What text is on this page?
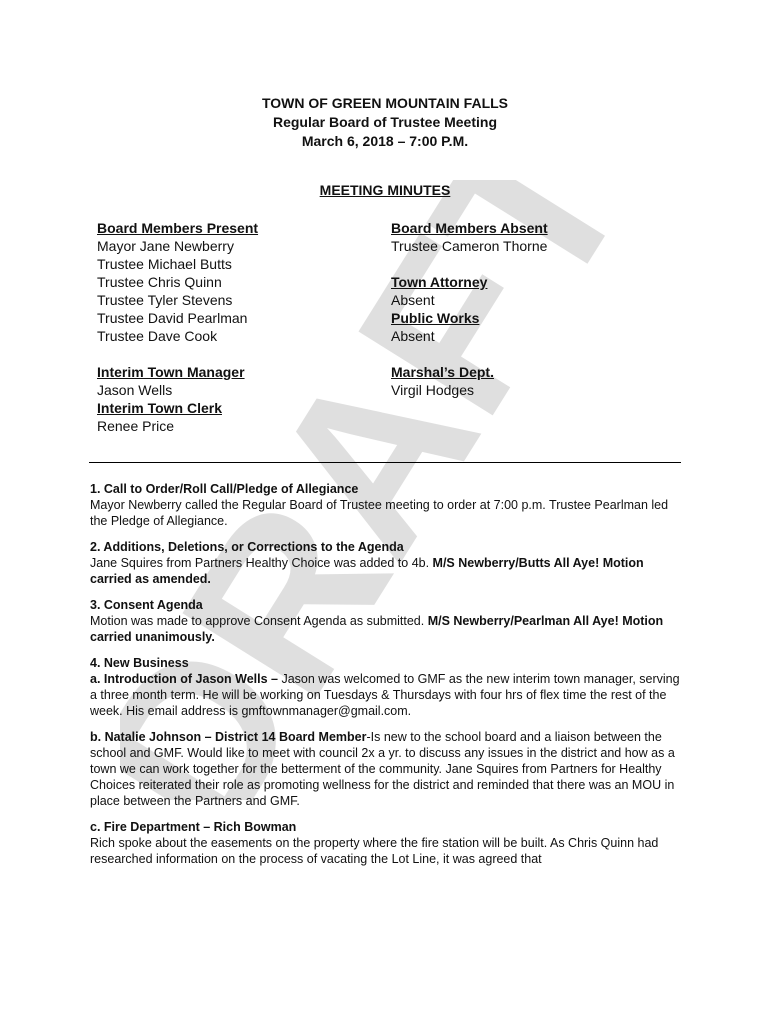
DRAFT
TOWN OF GREEN MOUNTAIN FALLS
Regular Board of Trustee Meeting
March 6, 2018 – 7:00 P.M.
MEETING MINUTES
Board Members Present
Mayor Jane Newberry
Trustee Michael Butts
Trustee Chris Quinn
Trustee Tyler Stevens
Trustee David Pearlman
Trustee Dave Cook
Interim Town Manager
Jason Wells
Interim Town Clerk
Renee Price
Board Members Absent
Trustee Cameron Thorne
Town Attorney
Absent
Public Works
Absent
Marshal’s Dept.
Virgil Hodges
1. Call to Order/Roll Call/Pledge of Allegiance
Mayor Newberry called the Regular Board of Trustee meeting to order at 7:00 p.m. Trustee Pearlman led the Pledge of Allegiance.
2. Additions, Deletions, or Corrections to the Agenda
Jane Squires from Partners Healthy Choice was added to 4b. M/S Newberry/Butts All Aye! Motion carried as amended.
3. Consent Agenda
Motion was made to approve Consent Agenda as submitted. M/S Newberry/Pearlman All Aye! Motion carried unanimously.
4. New Business
a. Introduction of Jason Wells – Jason was welcomed to GMF as the new interim town manager, serving a three month term. He will be working on Tuesdays & Thursdays with four hrs of flex time the rest of the week. His email address is gmftownmanager@gmail.com.
b. Natalie Johnson – District 14 Board Member-Is new to the school board and a liaison between the school and GMF. Would like to meet with council 2x a yr. to discuss any issues in the district and how as a town we can work together for the betterment of the community. Jane Squires from Partners for Healthy Choices reiterated their role as promoting wellness for the district and reminded that there was an MOU in place between the Partners and GMF.
c. Fire Department – Rich Bowman
Rich spoke about the easements on the property where the fire station will be built. As Chris Quinn had researched information on the process of vacating the Lot Line, it was agreed that
